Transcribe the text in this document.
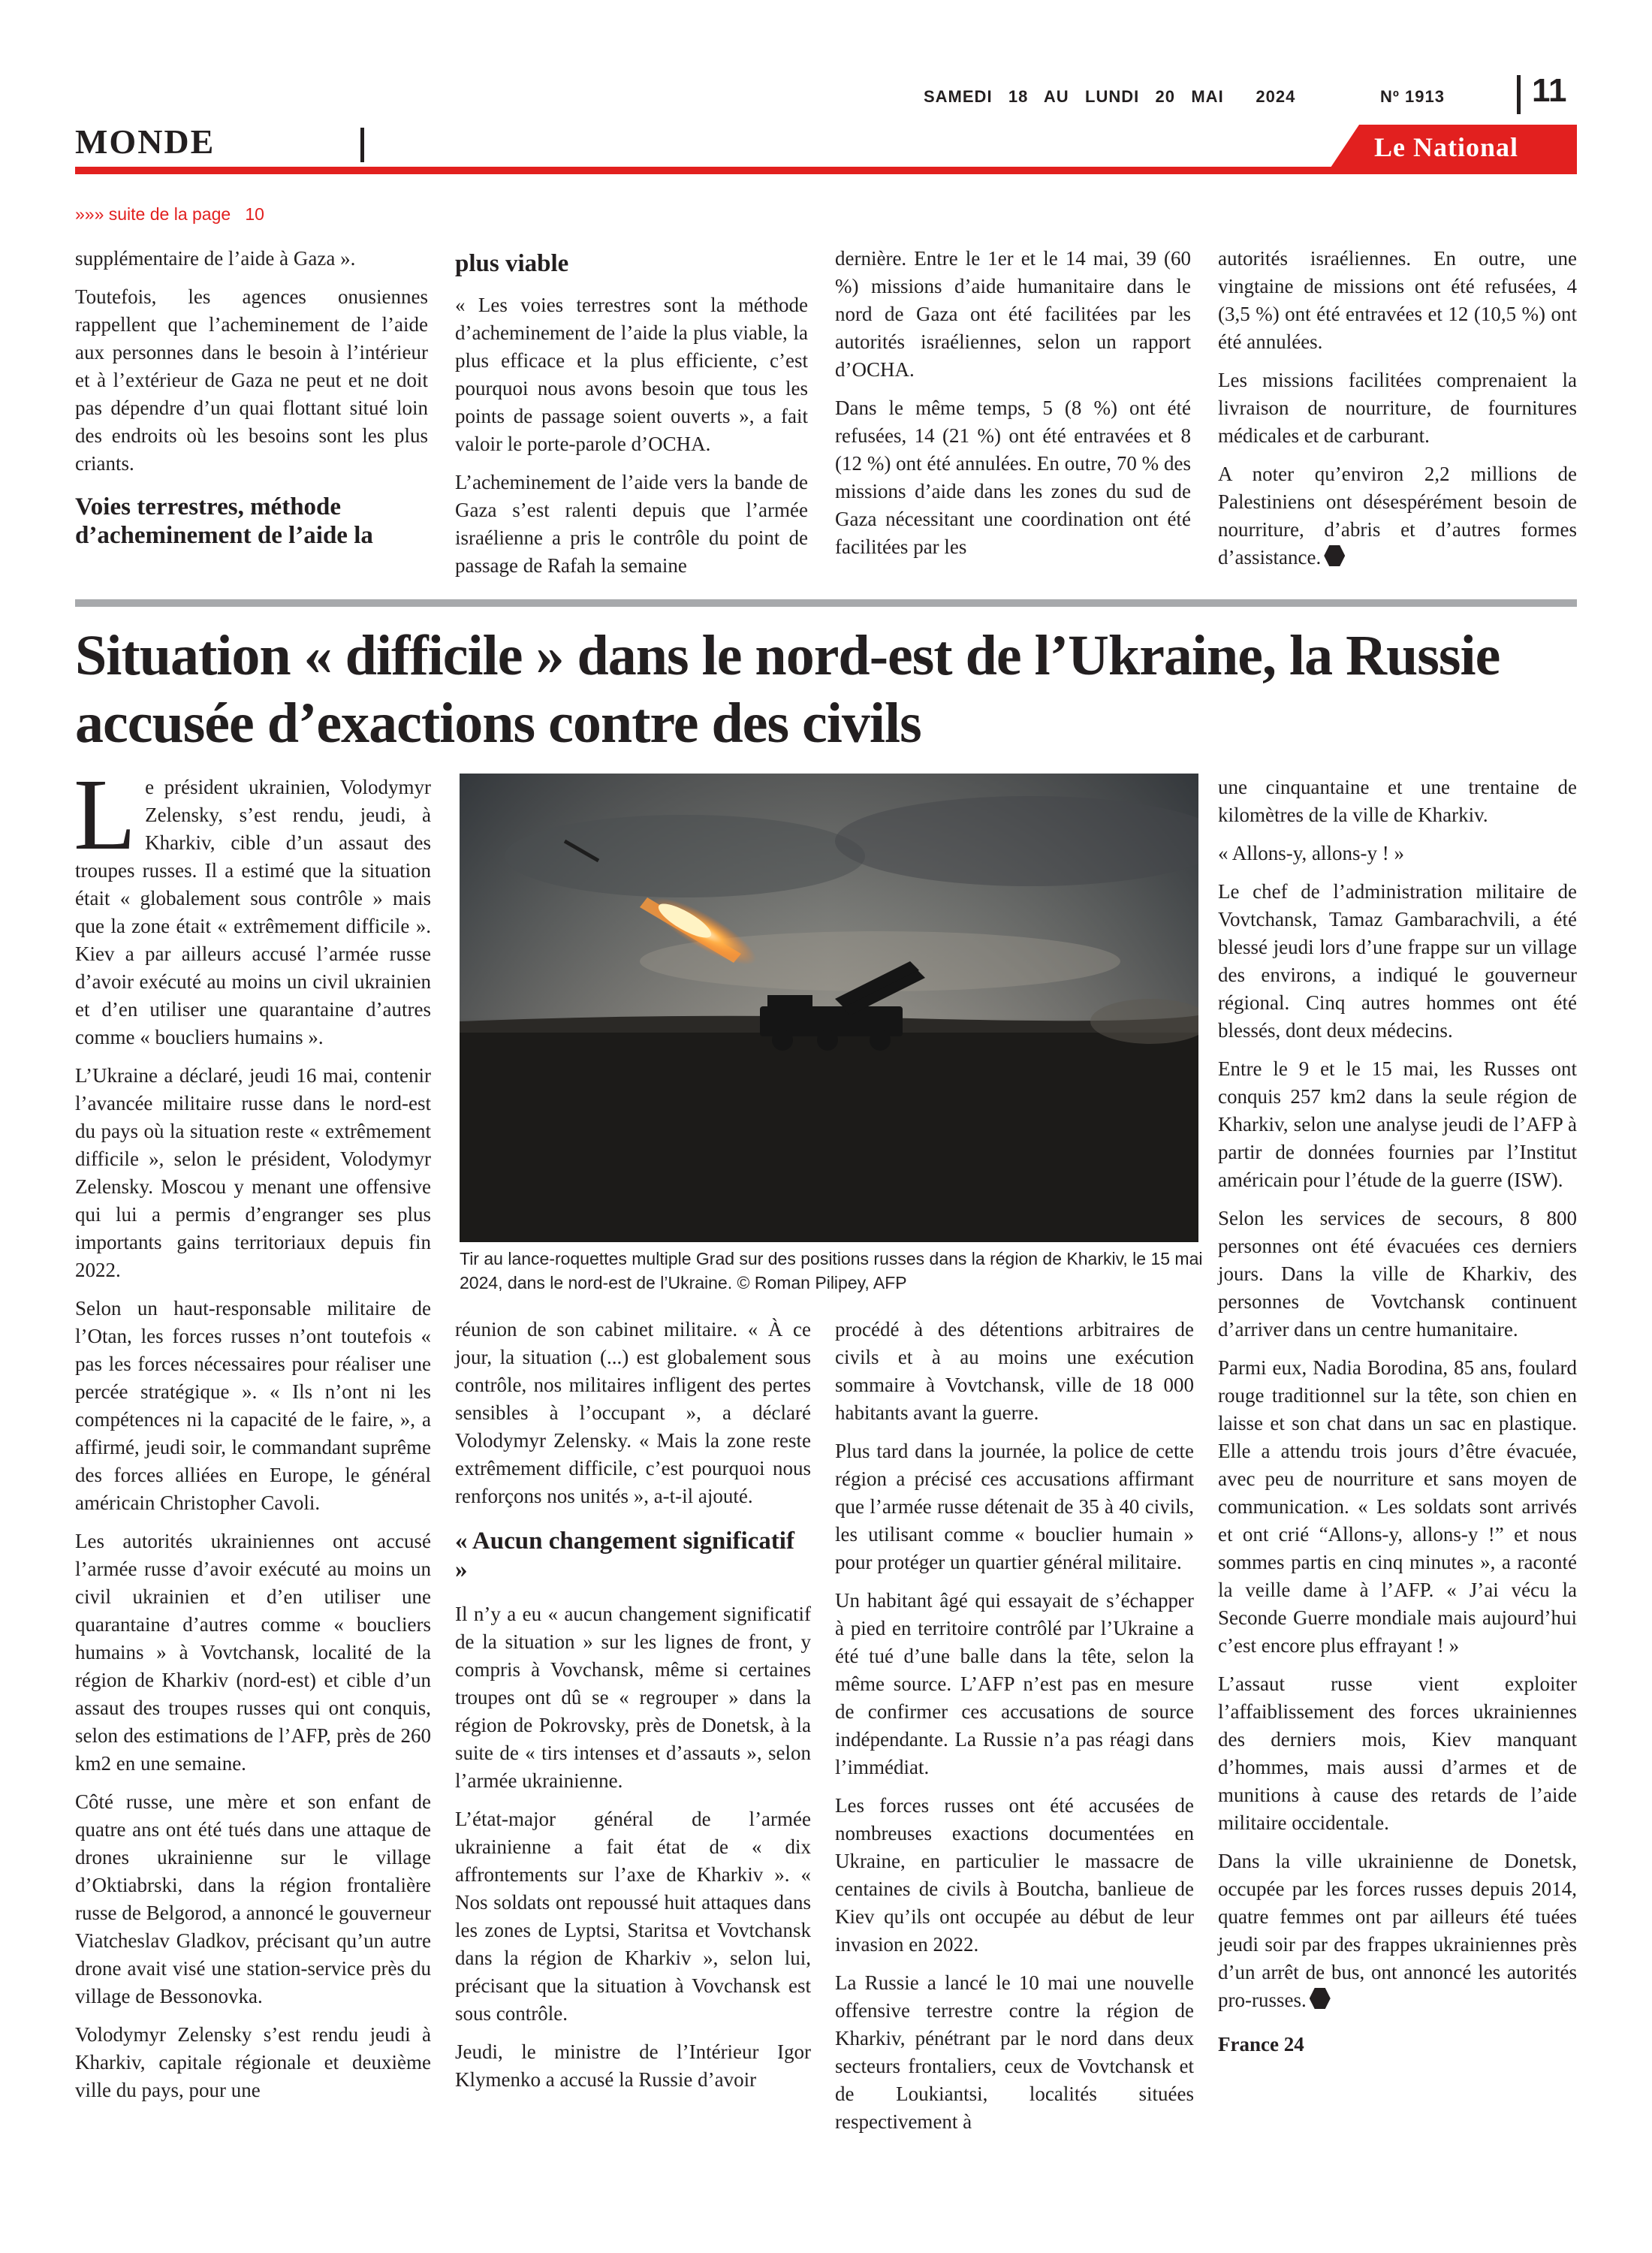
SAMEDI   18   AU   LUNDI   20   MAI      2024	Nº 1913	11
MONDE	Le National
»»» suite de la page   10

supplémentaire de l’aide à Gaza ».

Toutefois, les agences onusiennes rappellent que l’acheminement de l’aide aux personnes dans le besoin à l’intérieur et à l’extérieur de Gaza ne peut et ne doit pas dépendre d’un quai flottant situé loin des endroits où les besoins sont les plus criants.

Voies terrestres, méthode d’acheminement de l’aide la

plus viable

« Les voies terrestres sont la méthode d’acheminement de l’aide la plus viable, la plus efficace et la plus efficiente, c’est pourquoi nous avons besoin que tous les points de passage soient ouverts », a fait valoir le porte-parole d’OCHA.

L’acheminement de l’aide vers la bande de Gaza s’est ralenti depuis que l’armée israélienne a pris le contrôle du point de passage de Rafah la semaine

dernière. Entre le 1er et le 14 mai, 39 (60 %) missions d’aide humanitaire dans le nord de Gaza ont été facilitées par les autorités israéliennes, selon un rapport d’OCHA.

Dans le même temps, 5 (8 %) ont été refusées, 14 (21 %) ont été entravées et 8 (12 %) ont été annulées. En outre, 70 % des missions d’aide dans les zones du sud de Gaza nécessitant une coordination ont été facilitées par les

autorités israéliennes. En outre, une vingtaine de missions ont été refusées, 4 (3,5 %) ont été entravées et 12 (10,5 %) ont été annulées.

Les missions facilitées comprenaient la livraison de nourriture, de fournitures médicales et de carburant.

A noter qu’environ 2,2 millions de Palestiniens ont désespérément besoin de nourriture, d’abris et d’autres formes d’assistance.

Situation « difficile » dans le nord-est de l’Ukraine, la Russie accusée d’exactions contre des civils
Tir au lance-roquettes multiple Grad sur des positions russes dans la région de Kharkiv, le 15 mai 2024, dans le nord-est de l’Ukraine. © Roman Pilipey, AFP

Le président ukrainien, Volodymyr Zelensky, s’est rendu, jeudi, à Kharkiv, cible d’un assaut des troupes russes. Il a estimé que la situation était « globalement sous contrôle » mais que la zone était « extrêmement difficile ». Kiev a par ailleurs accusé l’armée russe d’avoir exécuté au moins un civil ukrainien et d’en utiliser une quarantaine d’autres comme « boucliers humains ».

L’Ukraine a déclaré, jeudi 16 mai, contenir l’avancée militaire russe dans le nord-est du pays où la situation reste « extrêmement difficile », selon le président, Volodymyr Zelensky. Moscou y menant une offensive qui lui a permis d’engranger ses plus importants gains territoriaux depuis fin 2022.

Selon un haut-responsable militaire de l’Otan, les forces russes n’ont toutefois « pas les forces nécessaires pour réaliser une percée stratégique ». « Ils n’ont ni les compétences ni la capacité de le faire, », a affirmé, jeudi soir, le commandant suprême des forces alliées en Europe, le général américain Christopher Cavoli.

Les autorités ukrainiennes ont accusé l’armée russe d’avoir exécuté au moins un civil ukrainien et d’en utiliser une quarantaine d’autres comme « boucliers humains » à Vovtchansk, localité de la région de Kharkiv (nord-est) et cible d’un assaut des troupes russes qui ont conquis, selon des estimations de l’AFP, près de 260 km2 en une semaine.

Côté russe, une mère et son enfant de quatre ans ont été tués dans une attaque de drones ukrainienne sur le village d’Oktiabrski, dans la région frontalière russe de Belgorod, a annoncé le gouverneur Viatcheslav Gladkov, précisant qu’un autre drone avait visé une station-service près du village de Bessonovka.

Volodymyr Zelensky s’est rendu jeudi à Kharkiv, capitale régionale et deuxième ville du pays, pour une

réunion de son cabinet militaire. « À ce jour, la situation (...) est globalement sous contrôle, nos militaires infligent des pertes sensibles à l’occupant », a déclaré Volodymyr Zelensky. « Mais la zone reste extrêmement difficile, c’est pourquoi nous renforçons nos unités », a-t-il ajouté.

« Aucun changement significatif »

Il n’y a eu « aucun changement significatif de la situation » sur les lignes de front, y compris à Vovchansk, même si certaines troupes ont dû se « regrouper » dans la région de Pokrovsky, près de Donetsk, à la suite de « tirs intenses et d’assauts », selon l’armée ukrainienne.

L’état-major général de l’armée ukrainienne a fait état de « dix affrontements sur l’axe de Kharkiv ». « Nos soldats ont repoussé huit attaques dans les zones de Lyptsi, Staritsa et Vovtchansk dans la région de Kharkiv », selon lui, précisant que la situation à Vovchansk est sous contrôle.

Jeudi, le ministre de l’Intérieur Igor Klymenko a accusé la Russie d’avoir

procédé à des détentions arbitraires de civils et à au moins une exécution sommaire à Vovtchansk, ville de 18 000 habitants avant la guerre.

Plus tard dans la journée, la police de cette région a précisé ces accusations affirmant que l’armée russe détenait de 35 à 40 civils, les utilisant comme « bouclier humain » pour protéger un quartier général militaire.

Un habitant âgé qui essayait de s’échapper à pied en territoire contrôlé par l’Ukraine a été tué d’une balle dans la tête, selon la même source. L’AFP n’est pas en mesure de confirmer ces accusations de source indépendante. La Russie n’a pas réagi dans l’immédiat.

Les forces russes ont été accusées de nombreuses exactions documentées en Ukraine, en particulier le massacre de centaines de civils à Boutcha, banlieue de Kiev qu’ils ont occupée au début de leur invasion en 2022.

La Russie a lancé le 10 mai une nouvelle offensive terrestre contre la région de Kharkiv, pénétrant par le nord dans deux secteurs frontaliers, ceux de Vovtchansk et de Loukiantsi, localités situées respectivement à

une cinquantaine et une trentaine de kilomètres de la ville de Kharkiv.

« Allons-y, allons-y ! »

Le chef de l’administration militaire de Vovtchansk, Tamaz Gambarachvili, a été blessé jeudi lors d’une frappe sur un village des environs, a indiqué le gouverneur régional. Cinq autres hommes ont été blessés, dont deux médecins.

Entre le 9 et le 15 mai, les Russes ont conquis 257 km2 dans la seule région de Kharkiv, selon une analyse jeudi de l’AFP à partir de données fournies par l’Institut américain pour l’étude de la guerre (ISW).

Selon les services de secours, 8 800 personnes ont été évacuées ces derniers jours. Dans la ville de Kharkiv, des personnes de Vovtchansk continuent d’arriver dans un centre humanitaire.

Parmi eux, Nadia Borodina, 85 ans, foulard rouge traditionnel sur la tête, son chien en laisse et son chat dans un sac en plastique. Elle a attendu trois jours d’être évacuée, avec peu de nourriture et sans moyen de communication. « Les soldats sont arrivés et ont crié “Allons-y, allons-y !” et nous sommes partis en cinq minutes », a raconté la veille dame à l’AFP. « J’ai vécu la Seconde Guerre mondiale mais aujourd’hui c’est encore plus effrayant ! »

L’assaut russe vient exploiter l’affaiblissement des forces ukrainiennes des derniers mois, Kiev manquant d’hommes, mais aussi d’armes et de munitions à cause des retards de l’aide militaire occidentale.

Dans la ville ukrainienne de Donetsk, occupée par les forces russes depuis 2014, quatre femmes ont par ailleurs été tuées jeudi soir par des frappes ukrainiennes près d’un arrêt de bus, ont annoncé les autorités pro-russes.

France 24
